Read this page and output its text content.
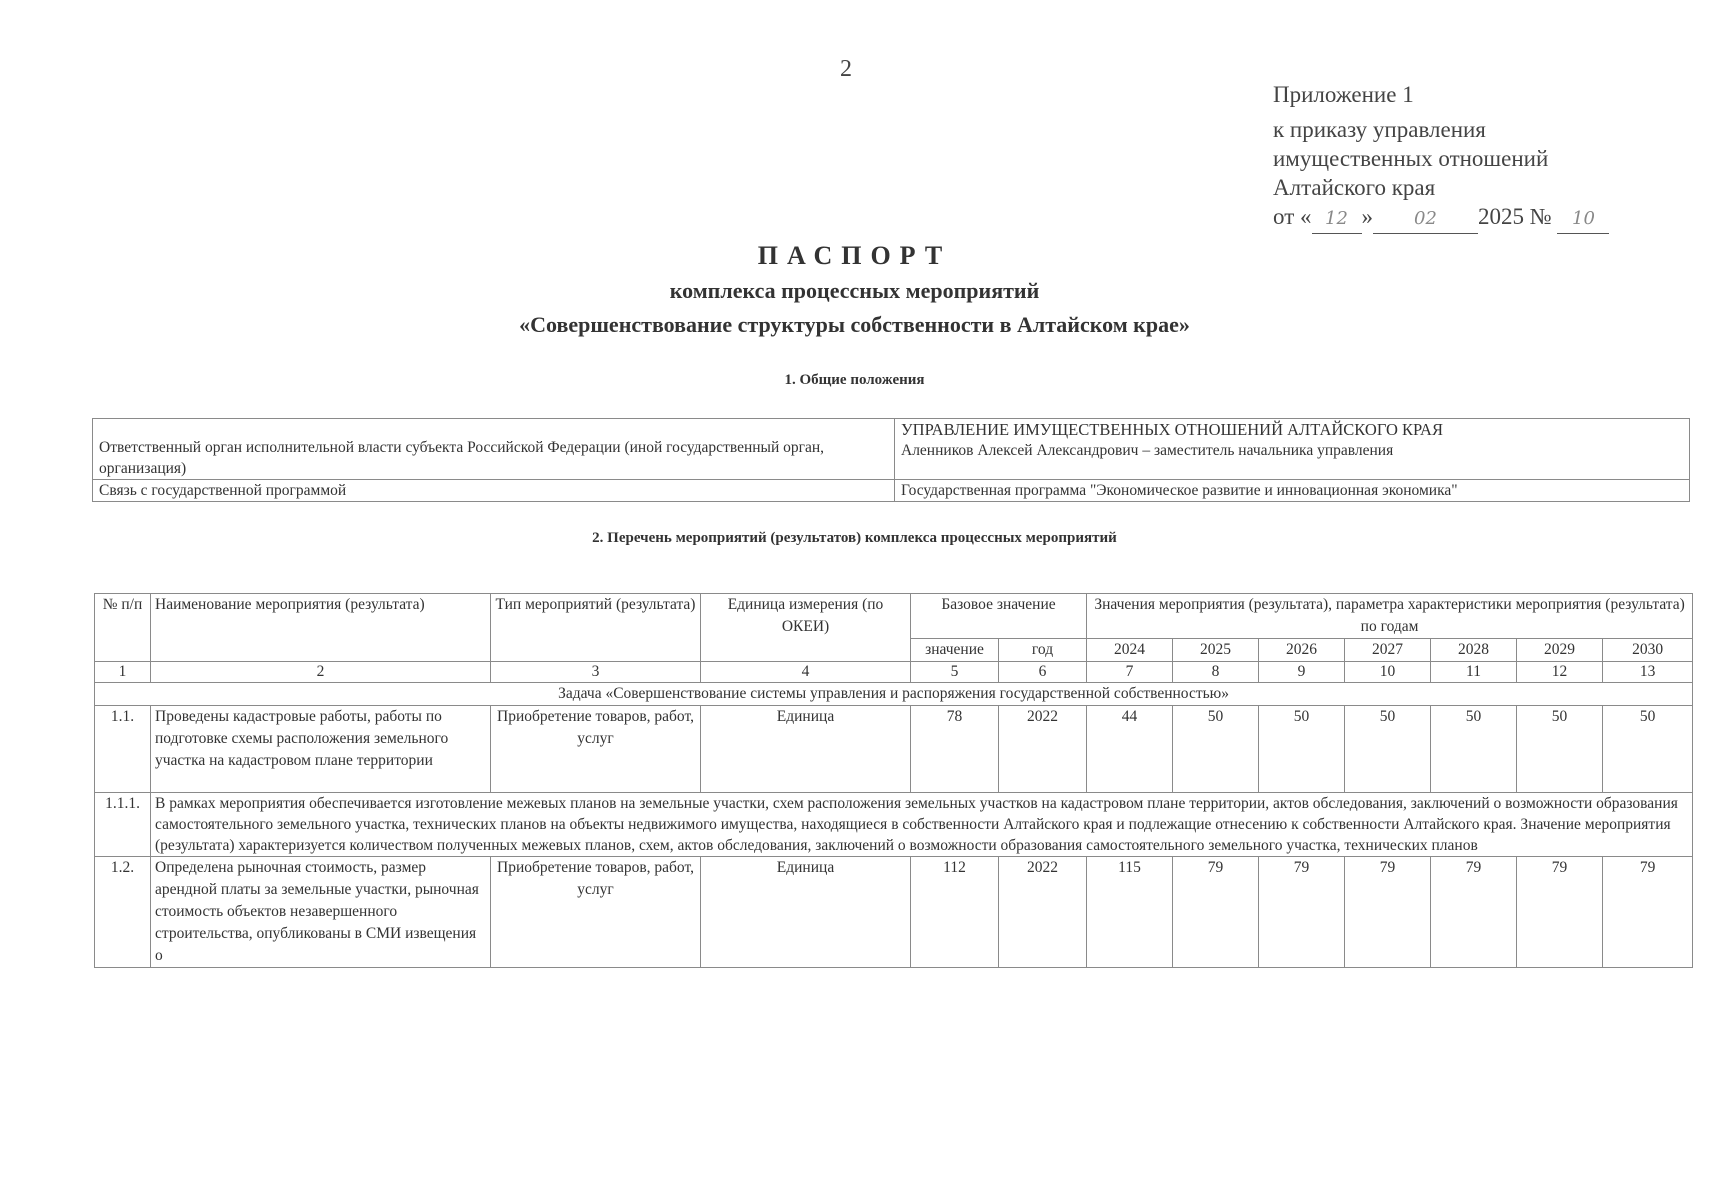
2
Приложение 1
к приказу управления
имущественных отношений
Алтайского края
от « 12 » 02 2025 № 10
ПАСПОРТ
комплекса процессных мероприятий
«Совершенствование структуры собственности в Алтайском крае»
1. Общие положения
Ответственный орган исполнительной власти субъекта Российской Федерации (иной государственный орган, организация)	УПРАВЛЕНИЕ ИМУЩЕСТВЕННЫХ ОТНОШЕНИЙ АЛТАЙСКОГО КРАЯ
Аленников Алексей Александрович – заместитель начальника управления

Связь с государственной программой	Государственная программа "Экономическое развитие и инновационная экономика"
2. Перечень мероприятий (результатов) комплекса процессных мероприятий
№ п/п	Наименование мероприятия (результата)	Тип мероприятий (результата)	Единица измерения (по ОКЕИ)	Базовое значение		Значения мероприятия (результата), параметра характеристики мероприятия (результата) по годам						
				значение	год	2024	2025	2026	2027	2028	2029	2030
1	2	3	4	5	6	7	8	9	10	11	12	13
Задача «Совершенствование системы управления и распоряжения государственной собственностью»												
1.1.	Проведены кадастровые работы, работы по подготовке схемы расположения земельного участка на кадастровом плане территории	Приобретение товаров, работ, услуг	Единица	78	2022	44	50	50	50	50	50	50
1.1.1.	В рамках мероприятия обеспечивается изготовление межевых планов на земельные участки, схем расположения земельных участков на кадастровом плане территории, актов обследования, заключений о возможности образования самостоятельного земельного участка, технических планов на объекты недвижимого имущества, находящиеся в собственности Алтайского края и подлежащие отнесению к собственности Алтайского края. Значение мероприятия (результата) характеризуется количеством полученных межевых планов, схем, актов обследования, заключений о возможности образования самостоятельного земельного участка, технических планов											
1.2.	Определена рыночная стоимость, размер арендной платы за земельные участки, рыночная стоимость объектов незавершенного строительства, опубликованы в СМИ извещения о	Приобретение товаров, работ, услуг	Единица	112	2022	115	79	79	79	79	79	79
